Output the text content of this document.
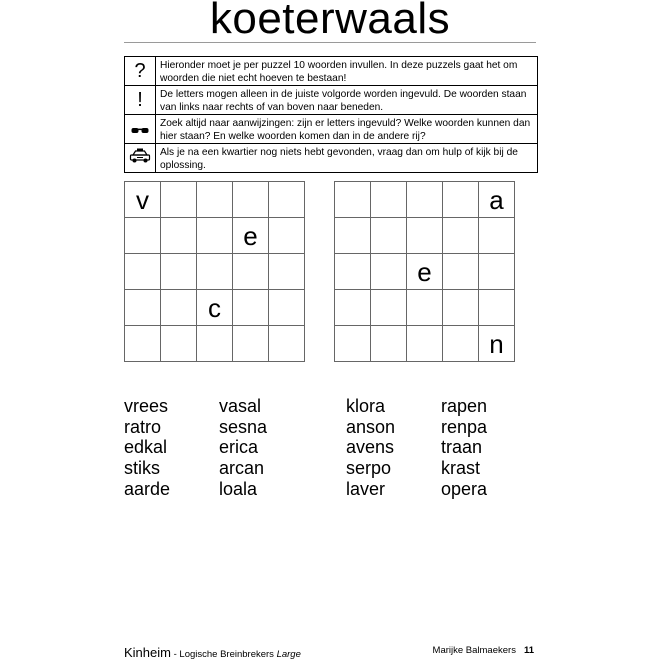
koeterwaals
?	Hieronder moet je per puzzel 10 woorden invullen. In deze puzzels gaat het om woorden die niet echt hoeven te bestaan!
!	De letters mogen alleen in de juiste volgorde worden ingevuld. De woorden staan van links naar rechts of van boven naar beneden.
	Zoek altijd naar aanwijzingen: zijn er letters ingevuld? Welke woorden kunnen dan hier staan? En welke woorden komen dan in de andere rij?
	Als je na een kwartier nog niets hebt gevonden, vraag dan om hulp of kijk bij de oplossing.
v				
			e	

		c		

				a

		e		

				n
vrees
ratro
edkal
stiks
aarde
vasal
sesna
erica
arcan
loala
klora
anson
avens
serpo
laver
rapen
renpa
traan
krast
opera
Kinheim - Logische Breinbrekers Large	Marijke Balmaekers 11
